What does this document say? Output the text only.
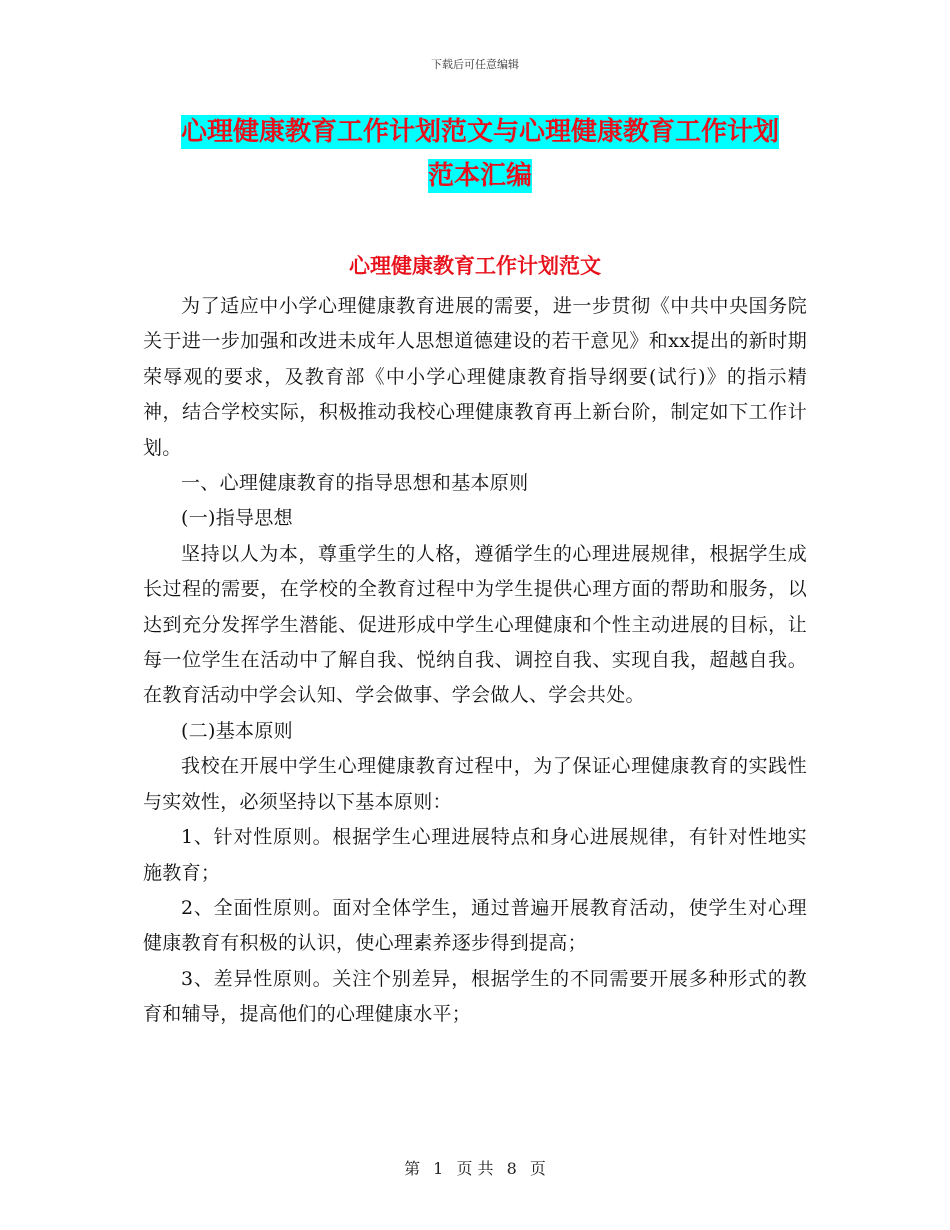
下载后可任意编辑
心理健康教育工作计划范文与心理健康教育工作计划
范本汇编
心理健康教育工作计划范文

为了适应中小学心理健康教育进展的需要，进一步贯彻《中共中央国务院关于进一步加强和改进未成年人思想道德建设的若干意见》和xx提出的新时期荣辱观的要求，及教育部《中小学心理健康教育指导纲要(试行)》的指示精神，结合学校实际，积极推动我校心理健康教育再上新台阶，制定如下工作计划。

一、心理健康教育的指导思想和基本原则

(一)指导思想

坚持以人为本，尊重学生的人格，遵循学生的心理进展规律，根据学生成长过程的需要，在学校的全教育过程中为学生提供心理方面的帮助和服务，以达到充分发挥学生潜能、促进形成中学生心理健康和个性主动进展的目标，让每一位学生在活动中了解自我、悦纳自我、调控自我、实现自我，超越自我。在教育活动中学会认知、学会做事、学会做人、学会共处。

(二)基本原则

我校在开展中学生心理健康教育过程中，为了保证心理健康教育的实践性与实效性，必须坚持以下基本原则：

1、针对性原则。根据学生心理进展特点和身心进展规律，有针对性地实施教育；

2、全面性原则。面对全体学生，通过普遍开展教育活动，使学生对心理健康教育有积极的认识，使心理素养逐步得到提高；

3、差异性原则。关注个别差异，根据学生的不同需要开展多种形式的教育和辅导，提高他们的心理健康水平；

第 1 页 共 8 页
